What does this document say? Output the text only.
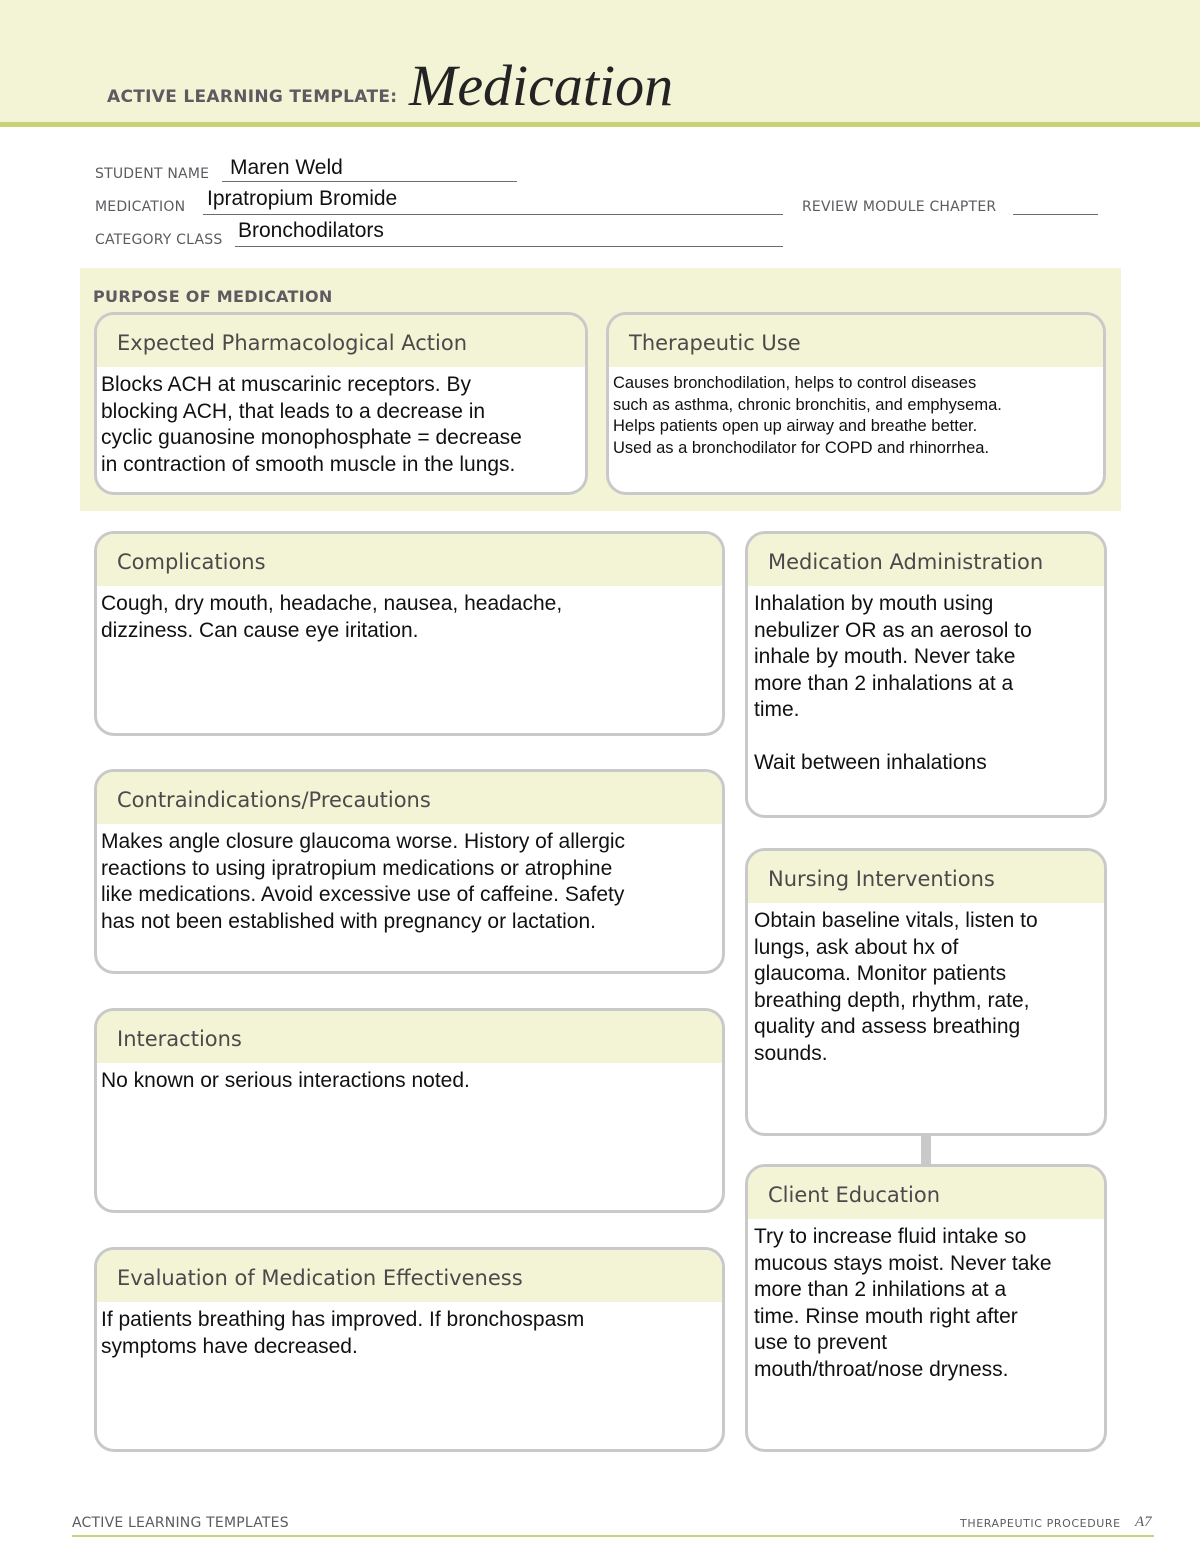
ACTIVE LEARNING TEMPLATE: Medication
STUDENT NAME Maren Weld
MEDICATION Ipratropium Bromide	REVIEW MODULE CHAPTER
CATEGORY CLASS Bronchodilators
PURPOSE OF MEDICATION
Expected Pharmacological Action
Blocks ACH at muscarinic receptors. By
blocking ACH, that leads to a decrease in
cyclic guanosine monophosphate = decrease
in contraction of smooth muscle in the lungs.
Therapeutic Use
Causes bronchodilation, helps to control diseases
such as asthma, chronic bronchitis, and emphysema.
Helps patients open up airway and breathe better.
Used as a bronchodilator for COPD and rhinorrhea.
Complications
Cough, dry mouth, headache, nausea, headache,
dizziness. Can cause eye iritation.
Contraindications/Precautions
Makes angle closure glaucoma worse. History of allergic
reactions to using ipratropium medications or atrophine
like medications. Avoid excessive use of caffeine. Safety
has not been established with pregnancy or lactation.
Interactions
No known or serious interactions noted.
Evaluation of Medication Effectiveness
If patients breathing has improved. If bronchospasm
symptoms have decreased.
Medication Administration
Inhalation by mouth using
nebulizer OR as an aerosol to
inhale by mouth. Never take
more than 2 inhalations at a
time.

Wait between inhalations
Nursing Interventions
Obtain baseline vitals, listen to
lungs, ask about hx of
glaucoma. Monitor patients
breathing depth, rhythm, rate,
quality and assess breathing
sounds.
Client Education
Try to increase fluid intake so
mucous stays moist. Never take
more than 2 inhilations at a
time. Rinse mouth right after
use to prevent
mouth/throat/nose dryness.
ACTIVE LEARNING TEMPLATES	THERAPEUTIC PROCEDURE A7
